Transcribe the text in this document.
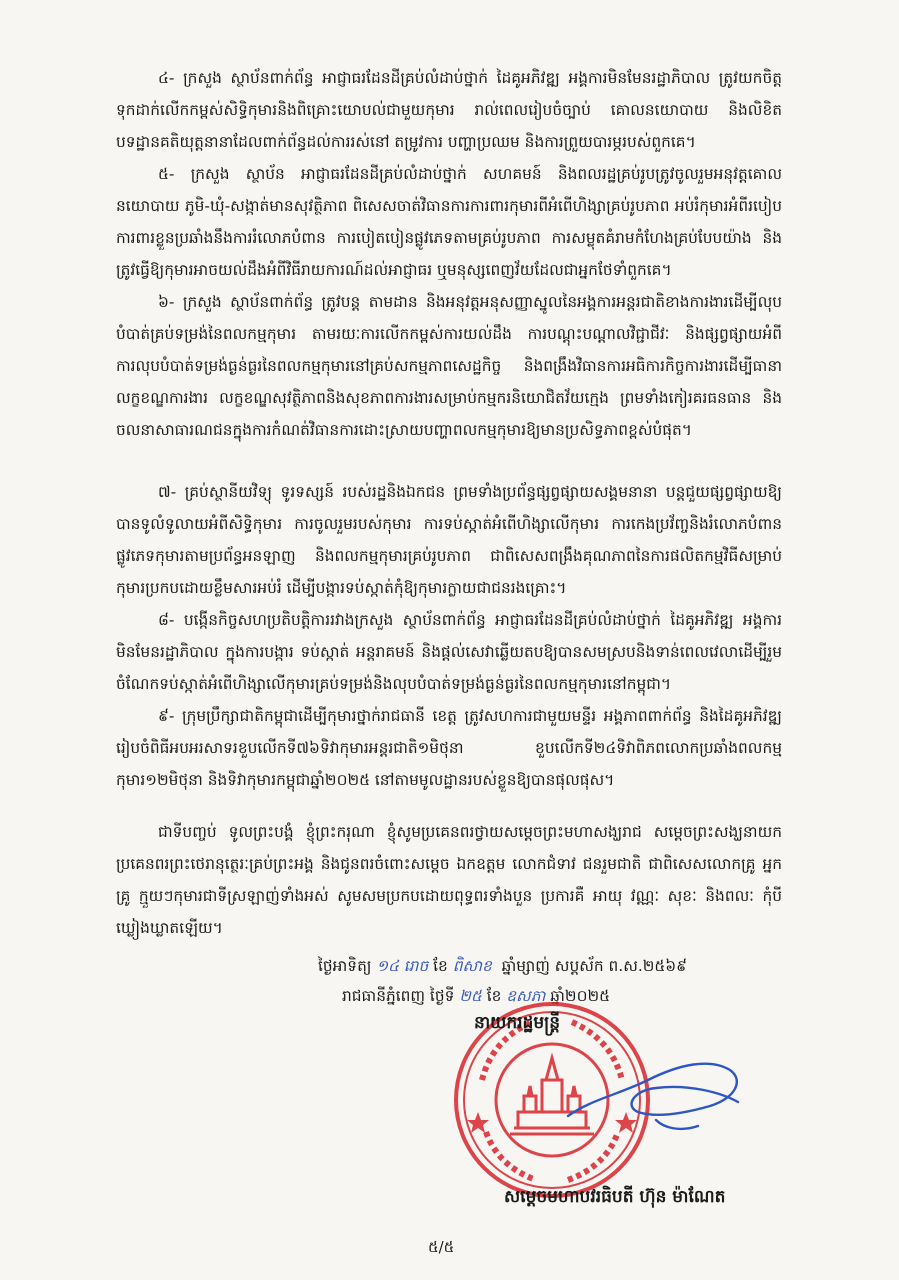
៤- ក្រសួង ស្ថាប័នពាក់ព័ន្ធ អាជ្ញាធរដែនដីគ្រប់លំដាប់ថ្នាក់ ដៃគូអភិវឌ្ឍ អង្គការមិនមែនរដ្ឋាភិបាល ត្រូវយកចិត្តទុកដាក់លើកកម្ពស់សិទ្ធិកុមារនិងពិគ្រោះយោបល់ជាមួយកុមារ រាល់ពេលរៀបចំច្បាប់ គោលនយោបាយ និងលិខិតបទដ្ឋានគតិយុត្តនានាដែលពាក់ព័ន្ធដល់ការរស់នៅ តម្រូវការ បញ្ហាប្រឈម និងការព្រួយបារម្ភរបស់ពួកគេ។

៥- ក្រសួង ស្ថាប័ន អាជ្ញាធរដែនដីគ្រប់លំដាប់ថ្នាក់ សហគមន៍ និងពលរដ្ឋគ្រប់រូបត្រូវចូលរួមអនុវត្តគោលនយោបាយ ភូមិ-ឃុំ-សង្កាត់មានសុវត្ថិភាព ពិសេសចាត់វិធានការការពារកុមារពីអំពើហិង្សាគ្រប់រូបភាព អប់រំកុមារអំពីរបៀបការពារខ្លួនប្រឆាំងនឹងការរំលោភបំពាន ការបៀតបៀនផ្លូវភេទតាមគ្រប់រូបភាព ការសម្លុតគំរាមកំហែងគ្រប់បែបយ៉ាង និងត្រូវធ្វើឱ្យកុមារអាចយល់ដឹងអំពីវិធីរាយការណ៍ដល់អាជ្ញាធរ ឬមនុស្សពេញវ័យដែលជាអ្នកថែទាំពួកគេ។

៦- ក្រសួង ស្ថាប័នពាក់ព័ន្ធ ត្រូវបន្ត តាមដាន និងអនុវត្តអនុសញ្ញាស្នូលនៃអង្គការអន្តរជាតិខាងការងារដើម្បីលុបបំបាត់គ្រប់ទម្រង់នៃពលកម្មកុមារ តាមរយៈការលើកកម្ពស់ការយល់ដឹង ការបណ្ដុះបណ្ដាលវិជ្ជាជីវៈ និងផ្សព្វផ្សាយអំពីការលុបបំបាត់ទម្រង់ធ្ងន់ធ្ងរនៃពលកម្មកុមារនៅគ្រប់សកម្មភាពសេដ្ឋកិច្ច និងពង្រឹងវិធានការអធិការកិច្ចការងារដើម្បីធានាលក្ខខណ្ឌការងារ លក្ខខណ្ឌសុវត្ថិភាពនិងសុខភាពការងារសម្រាប់កម្មករនិយោជិតវ័យក្មេង ព្រមទាំងកៀរគរធនធាន និងចលនាសាធារណជនក្នុងការកំណត់វិធានការដោះស្រាយបញ្ហាពលកម្មកុមារឱ្យមានប្រសិទ្ធភាពខ្ពស់បំផុត។

៧- គ្រប់ស្ថានីយវិទ្យុ ទូរទស្សន៍ របស់រដ្ឋនិងឯកជន ព្រមទាំងប្រព័ន្ធផ្សព្វផ្សាយសង្គមនានា បន្តជួយផ្សព្វផ្សាយឱ្យបានទូលំទូលាយអំពីសិទ្ធិកុមារ ការចូលរួមរបស់កុមារ ការទប់ស្កាត់អំពើហិង្សាលើកុមារ ការកេងប្រវ័ញ្ចនិងរំលោភបំពានផ្លូវភេទកុមារតាមប្រព័ន្ធអនឡាញ និងពលកម្មកុមារគ្រប់រូបភាព ជាពិសេសពង្រឹងគុណភាពនៃការផលិតកម្មវិធីសម្រាប់កុមារប្រកបដោយខ្លឹមសារអប់រំ ដើម្បីបង្ការទប់ស្កាត់កុំឱ្យកុមារក្លាយជាជនរងគ្រោះ។

៨- បង្កើនកិច្ចសហប្រតិបត្តិការរវាងក្រសួង ស្ថាប័នពាក់ព័ន្ធ អាជ្ញាធរដែនដីគ្រប់លំដាប់ថ្នាក់ ដៃគូអភិវឌ្ឍ អង្គការមិនមែនរដ្ឋាភិបាល ក្នុងការបង្ការ ទប់ស្កាត់ អន្តរាគមន៍ និងផ្ដល់សេវាឆ្លើយតបឱ្យបានសមស្របនិងទាន់ពេលវេលាដើម្បីរួមចំណែកទប់ស្កាត់អំពើហិង្សាលើកុមារគ្រប់ទម្រង់និងលុបបំបាត់ទម្រង់ធ្ងន់ធ្ងរនៃពលកម្មកុមារនៅកម្ពុជា។

៩- ក្រុមប្រឹក្សាជាតិកម្ពុជាដើម្បីកុមារថ្នាក់រាជធានី ខេត្ត ត្រូវសហការជាមួយមន្ទីរ អង្គភាពពាក់ព័ន្ធ និងដៃគូអភិវឌ្ឍ រៀបចំពិធីអបអរសាទរខួបលើកទី៧៦ទិវាកុមារអន្តរជាតិ១មិថុនា ខួបលើកទី២៤ទិវាពិភពលោកប្រឆាំងពលកម្មកុមារ១២មិថុនា និងទិវាកុមារកម្ពុជាឆ្នាំ២០២៥ នៅតាមមូលដ្ឋានរបស់ខ្លួនឱ្យបានផុលផុស។

ជាទីបញ្ចប់ ទូលព្រះបង្គំ ខ្ញុំព្រះករុណា ខ្ញុំសូមប្រគេនពរថ្វាយសម្ដេចព្រះមហាសង្ឃរាជ សម្ដេចព្រះសង្ឃនាយក ប្រគេនពរព្រះថេរានុត្ថេរៈគ្រប់ព្រះអង្គ និងជូនពរចំពោះសម្ដេច ឯកឧត្ដម លោកជំទាវ ជនរួមជាតិ ជាពិសេសលោកគ្រូ អ្នកគ្រូ ក្មួយៗកុមារជាទីស្រឡាញ់ទាំងអស់ សូមសមប្រកបដោយពុទ្ធពរទាំងបួន ប្រការគឺ អាយុ វណ្ណៈ សុខៈ និងពលៈ កុំបីឃ្លៀងឃ្លាតឡើយ។

ថ្ងៃអាទិត្យ ១៤ រោច ខែ ពិសាខ ឆ្នាំម្សាញ់ សប្ដស័ក ព.ស.២៥៦៩
រាជធានីភ្នំពេញ ថ្ងៃទី ២៥ ខែ ឧសភា ឆ្នាំ២០២៥
នាយករដ្ឋមន្ត្រី
សម្ដេចមហាបវរធិបតី ហ៊ុន ម៉ាណែត
៥/៥
